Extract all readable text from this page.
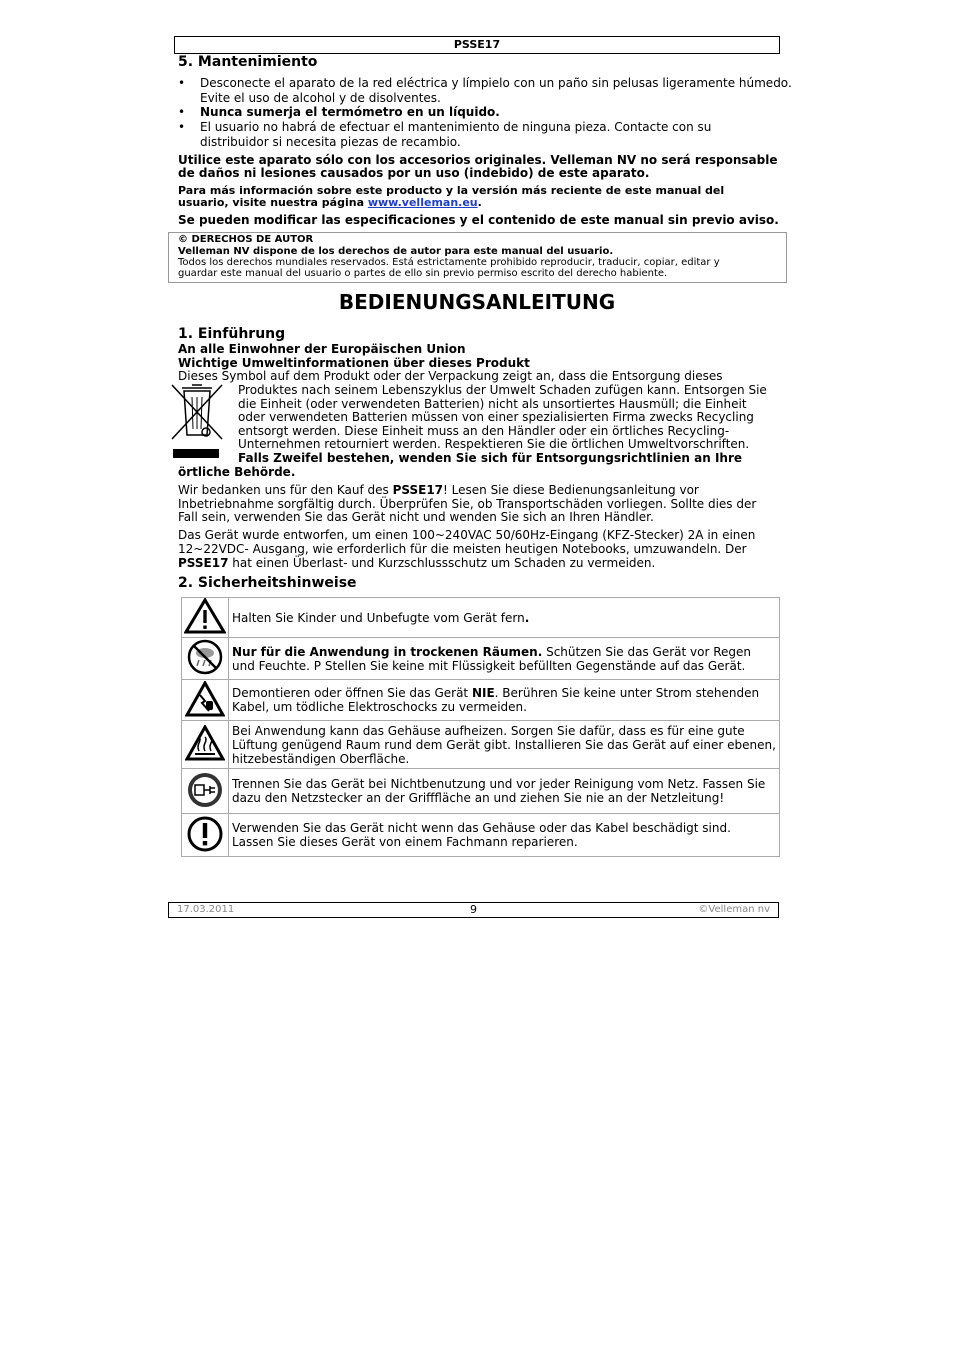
PSSE17
5. Mantenimiento
• Desconecte el aparato de la red eléctrica y límpielo con un paño sin pelusas ligeramente húmedo.
Evite el uso de alcohol y de disolventes.
• Nunca sumerja el termómetro en un líquido.
• El usuario no habrá de efectuar el mantenimiento de ninguna pieza. Contacte con su
distribuidor si necesita piezas de recambio.
Utilice este aparato sólo con los accesorios originales. Velleman NV no será responsable
de daños ni lesiones causados por un uso (indebido) de este aparato.
Para más información sobre este producto y la versión más reciente de este manual del
usuario, visite nuestra página www.velleman.eu.
Se pueden modificar las especificaciones y el contenido de este manual sin previo aviso.
© DERECHOS DE AUTOR
Velleman NV dispone de los derechos de autor para este manual del usuario.
Todos los derechos mundiales reservados. Está estrictamente prohibido reproducir, traducir, copiar, editar y
guardar este manual del usuario o partes de ello sin previo permiso escrito del derecho habiente.
BEDIENUNGSANLEITUNG
1. Einführung
An alle Einwohner der Europäischen Union
Wichtige Umweltinformationen über dieses Produkt
Dieses Symbol auf dem Produkt oder der Verpackung zeigt an, dass die Entsorgung dieses
Produktes nach seinem Lebenszyklus der Umwelt Schaden zufügen kann. Entsorgen Sie
die Einheit (oder verwendeten Batterien) nicht als unsortiertes Hausmüll; die Einheit
oder verwendeten Batterien müssen von einer spezialisierten Firma zwecks Recycling
entsorgt werden. Diese Einheit muss an den Händler oder ein örtliches Recycling-
Unternehmen retourniert werden. Respektieren Sie die örtlichen Umweltvorschriften.
Falls Zweifel bestehen, wenden Sie sich für Entsorgungsrichtlinien an Ihre
örtliche Behörde.
Wir bedanken uns für den Kauf des PSSE17! Lesen Sie diese Bedienungsanleitung vor
Inbetriebnahme sorgfältig durch. Überprüfen Sie, ob Transportschäden vorliegen. Sollte dies der
Fall sein, verwenden Sie das Gerät nicht und wenden Sie sich an Ihren Händler.
Das Gerät wurde entworfen, um einen 100~240VAC 50/60Hz-Eingang (KFZ-Stecker) 2A in einen
12~22VDC- Ausgang, wie erforderlich für die meisten heutigen Notebooks, umzuwandeln. Der
PSSE17 hat einen Überlast- und Kurzschlussschutz um Schaden zu vermeiden.
2. Sicherheitshinweise
	Halten Sie Kinder und Unbefugte vom Gerät fern.
	Nur für die Anwendung in trockenen Räumen. Schützen Sie das Gerät vor Regen und Feuchte. P Stellen Sie keine mit Flüssigkeit befüllten Gegenstände auf das Gerät.
	Demontieren oder öffnen Sie das Gerät NIE. Berühren Sie keine unter Strom stehenden Kabel, um tödliche Elektroschocks zu vermeiden.
	Bei Anwendung kann das Gehäuse aufheizen. Sorgen Sie dafür, dass es für eine gute Lüftung genügend Raum rund dem Gerät gibt. Installieren Sie das Gerät auf einer ebenen, hitzebeständigen Oberfläche.
	Trennen Sie das Gerät bei Nichtbenutzung und vor jeder Reinigung vom Netz. Fassen Sie dazu den Netzstecker an der Grifffläche an und ziehen Sie nie an der Netzleitung!
	Verwenden Sie das Gerät nicht wenn das Gehäuse oder das Kabel beschädigt sind. Lassen Sie dieses Gerät von einem Fachmann reparieren.
17.03.2011	9	©Velleman nv
